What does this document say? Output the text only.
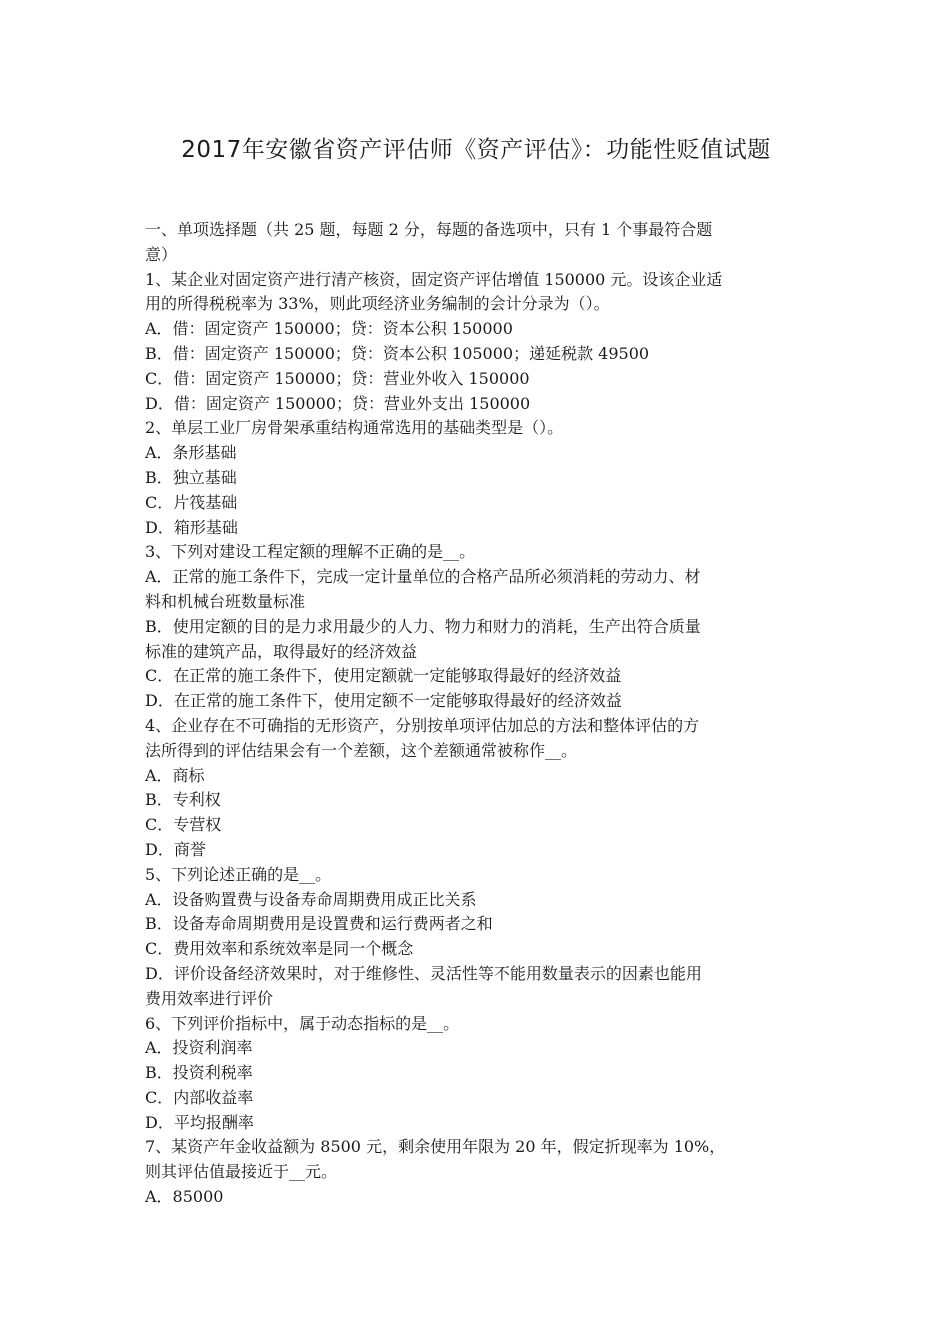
2017年安徽省资产评估师《资产评估》：功能性贬值试题
一、单项选择题（共 25 题，每题 2 分，每题的备选项中，只有 1 个事最符合题
意）
1、某企业对固定资产进行清产核资，固定资产评估增值 150000 元。设该企业适
用的所得税税率为 33%，则此项经济业务编制的会计分录为（）。
A．借：固定资产 150000；贷：资本公积 150000
B．借：固定资产 150000；贷：资本公积 105000；递延税款 49500
C．借：固定资产 150000；贷：营业外收入 150000
D．借：固定资产 150000；贷：营业外支出 150000
2、单层工业厂房骨架承重结构通常选用的基础类型是（）。
A．条形基础
B．独立基础
C．片筏基础
D．箱形基础
3、下列对建设工程定额的理解不正确的是__。
A．正常的施工条件下，完成一定计量单位的合格产品所必须消耗的劳动力、材
料和机械台班数量标准
B．使用定额的目的是力求用最少的人力、物力和财力的消耗，生产出符合质量
标准的建筑产品，取得最好的经济效益
C．在正常的施工条件下，使用定额就一定能够取得最好的经济效益
D．在正常的施工条件下，使用定额不一定能够取得最好的经济效益
4、企业存在不可确指的无形资产，分别按单项评估加总的方法和整体评估的方
法所得到的评估结果会有一个差额，这个差额通常被称作__。
A．商标
B．专利权
C．专营权
D．商誉
5、下列论述正确的是__。
A．设备购置费与设备寿命周期费用成正比关系
B．设备寿命周期费用是设置费和运行费两者之和
C．费用效率和系统效率是同一个概念
D．评价设备经济效果时，对于维修性、灵活性等不能用数量表示的因素也能用
费用效率进行评价
6、下列评价指标中，属于动态指标的是__。
A．投资利润率
B．投资利税率
C．内部收益率
D．平均报酬率
7、某资产年金收益额为 8500 元，剩余使用年限为 20 年，假定折现率为 10%，
则其评估值最接近于__元。
A．85000
